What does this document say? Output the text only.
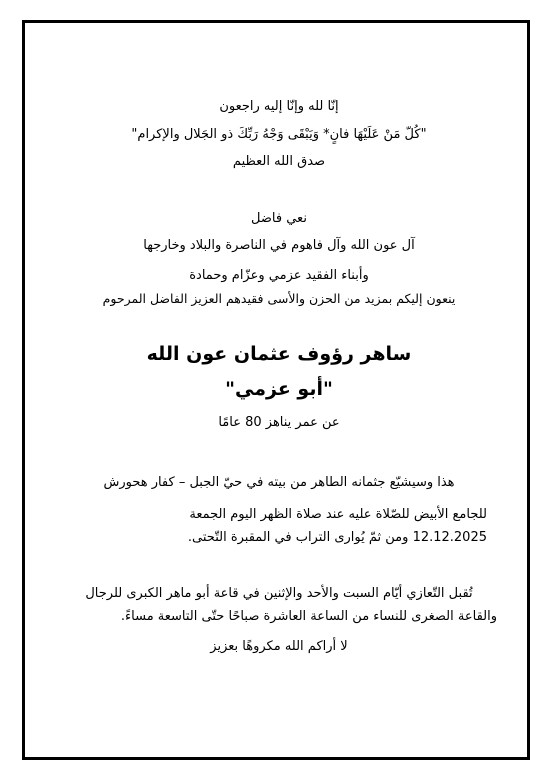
إنّا لله وإنّا إليه راجعون
"كُلّ مَنْ عَلَيْهَا فانٍ* وَيَبْقَى وَجْهُ رَبِّكَ ذو الجَلال والإكرام"
صدق الله العظيم
نعي فاضل
آل عون الله وآل فاهوم في الناصرة والبلاد وخارجها
وأبناء الفقيد عزمي وعزّام وحمادة
ينعون إليكم بمزيد من الحزن والأسى فقيدهم العزيز الفاضل المرحوم
ساهر رؤوف عثمان عون الله
"أبو عزمي"
عن عمر يناهز 80 عامًا
هذا وسيشيّع جثمانه الطاهر من بيته في حيّ الجبل – كفار هحورش
للجامع الأبيض للصّلاة عليه عند صلاة الظهر اليوم الجمعة
12.12.2025 ومن ثمّ يُوارى التراب في المقبرة التّحتى.
تُقبل التّعازي أيّام السبت والأحد والإثنين في قاعة أبو ماهر الكبرى للرجال
والقاعة الصغرى للنساء من الساعة العاشرة صباحًا حتّى التاسعة مساءً.
لا أراكم الله مكروهًا بعزيز
